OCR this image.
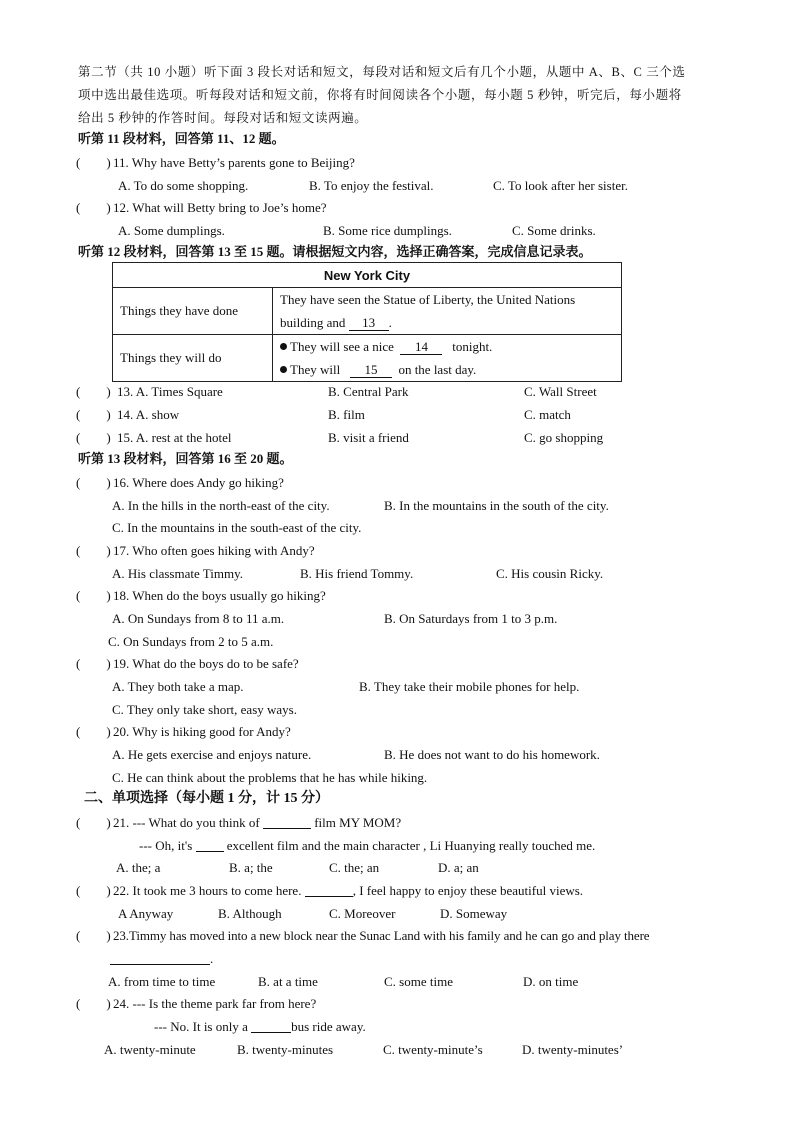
第二节（共 10 小题）听下面 3 段长对话和短文，每段对话和短文后有几个小题，从题中 A、B、C 三个选
项中选出最佳选项。听每段对话和短文前，你将有时间阅读各个小题，每小题 5 秒钟，听完后，每小题将
给出 5 秒钟的作答时间。每段对话和短文读两遍。
听第 11 段材料，回答第 11、12 题。
( ) 11. Why have Betty’s parents gone to Beijing?
A. To do some shopping.	B. To enjoy the festival.	C. To look after her sister.
( ) 12. What will Betty bring to Joe’s home?
A. Some dumplings.	B. Some rice dumplings.	C. Some drinks.
听第 12 段材料，回答第 13 至 15 题。请根据短文内容，选择正确答案，完成信息记录表。
New York City	
Things they have done	They have seen the Statue of Liberty, the United Nations
building and 13 .

Things they will do	They will see a nice 14 tonight.
They will 15 on the last day.
( ) 13. A. Times Square	B. Central Park	C. Wall Street
( ) 14. A. show	B. film	C. match
( ) 15. A. rest at the hotel	B. visit a friend	C. go shopping
听第 13 段材料，回答第 16 至 20 题。
( ) 16. Where does Andy go hiking?
A. In the hills in the north-east of the city.	B. In the mountains in the south of the city.
C. In the mountains in the south-east of the city.
( ) 17. Who often goes hiking with Andy?
A. His classmate Timmy.	B. His friend Tommy.	C. His cousin Ricky.
( ) 18. When do the boys usually go hiking?
A. On Sundays from 8 to 11 a.m.	B. On Saturdays from 1 to 3 p.m.
C. On Sundays from 2 to 5 a.m.
( ) 19. What do the boys do to be safe?
A. They both take a map.	B. They take their mobile phones for help.
C. They only take short, easy ways.
( ) 20. Why is hiking good for Andy?
A. He gets exercise and enjoys nature.	B. He does not want to do his homework.
C. He can think about the problems that he has while hiking.
二、单项选择（每小题 1 分，计 15 分）
( ) 21. --- What do you think of	film MY MOM?
--- Oh, it's	excellent film and the main character , Li Huanying really touched me.
A. the; a	B. a; the	C. the; an	D. a; an
( ) 22. It took me 3 hours to come here.	, I feel happy to enjoy these beautiful views.
A Anyway	B. Although	C. Moreover	D. Someway
( ) 23.Timmy has moved into a new block near the Sunac Land with his family and he can go and play there
.
A. from time to time	B. at a time	C. some time	D. on time
( ) 24. --- Is the theme park far from here?
--- No. It is only a	bus ride away.
A. twenty-minute	B. twenty-minutes	C. twenty-minute’s	D. twenty-minutes’
